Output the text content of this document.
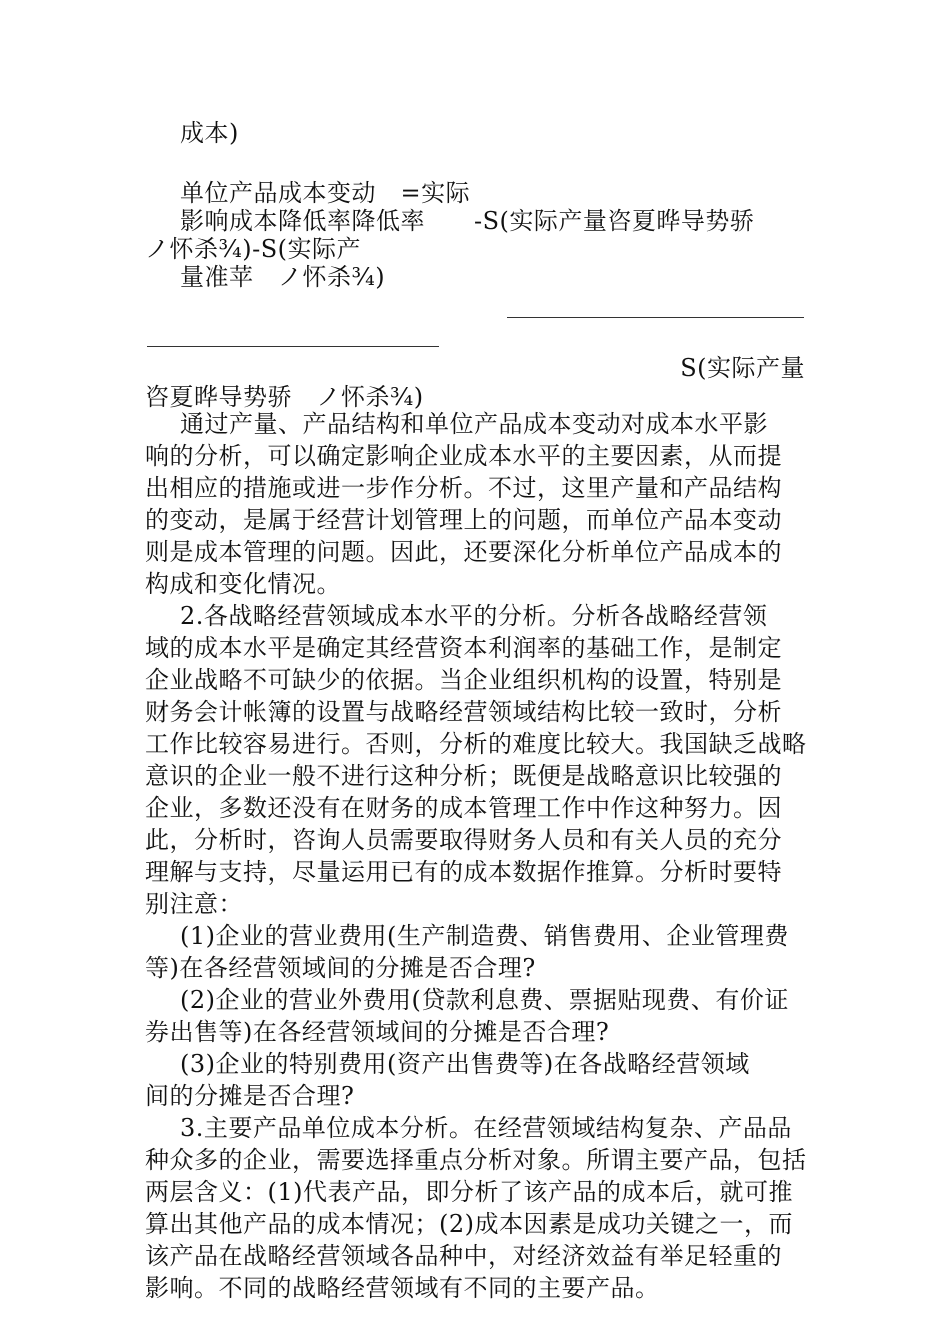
成本)
单位产品成本变动　=实际
影响成本降低率降低率　　-S(实际产量咨夏晔导势骄
ノ怀杀¾)-S(实际产
量准苹　ノ怀杀¾)
S(实际产量
咨夏晔导势骄　ノ怀杀¾)
通过产量、产品结构和单位产品成本变动对成本水平影
响的分析，可以确定影响企业成本水平的主要因素，从而提
出相应的措施或进一步作分析。不过，这里产量和产品结构
的变动，是属于经营计划管理上的问题，而单位产品本变动
则是成本管理的问题。因此，还要深化分析单位产品成本的
构成和变化情况。
2.各战略经营领域成本水平的分析。分析各战略经营领
域的成本水平是确定其经营资本利润率的基础工作，是制定
企业战略不可缺少的依据。当企业组织机构的设置，特别是
财务会计帐簿的设置与战略经营领域结构比较一致时，分析
工作比较容易进行。否则，分析的难度比较大。我国缺乏战略
意识的企业一般不进行这种分析；既便是战略意识比较强的
企业，多数还没有在财务的成本管理工作中作这种努力。因
此，分析时，咨询人员需要取得财务人员和有关人员的充分
理解与支持，尽量运用已有的成本数据作推算。分析时要特
别注意：
(1)企业的营业费用(生产制造费、销售费用、企业管理费
等)在各经营领域间的分摊是否合理?
(2)企业的营业外费用(贷款利息费、票据贴现费、有价证
券出售等)在各经营领域间的分摊是否合理?
(3)企业的特别费用(资产出售费等)在各战略经营领域
间的分摊是否合理?
3.主要产品单位成本分析。在经营领域结构复杂、产品品
种众多的企业，需要选择重点分析对象。所谓主要产品，包括
两层含义：(1)代表产品，即分析了该产品的成本后，就可推
算出其他产品的成本情况；(2)成本因素是成功关键之一，而
该产品在战略经营领域各品种中，对经济效益有举足轻重的
影响。不同的战略经营领域有不同的主要产品。
